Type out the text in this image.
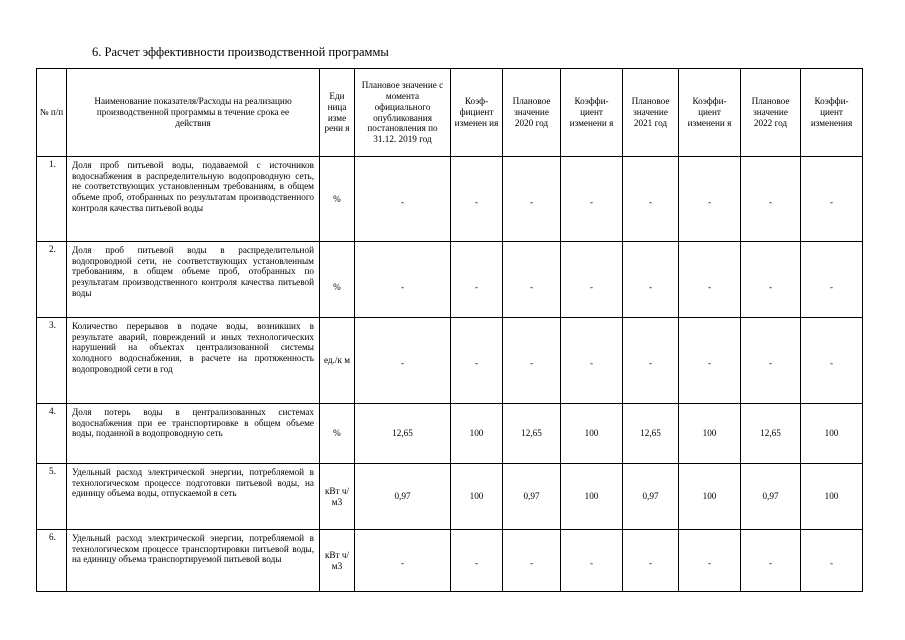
6. Расчет эффективности производственной программы
№ п/п	Наименование показателя/Расходы на реализацию производственной программы в течение срока ее действия	Еди ница изме рени я	Плановое значение с момента официального опубликования постановления по 31.12. 2019 год	Коэф- фициент изменен ия	Плановое значение 2020 год	Коэффи- циент изменени я	Плановое значение 2021 год	Коэффи- циент изменени я	Плановое значение 2022 год	Коэффи- циент изменения
1.	Доля проб питьевой воды, подаваемой с источников водоснабжения в распределительную водопроводную сеть, не соответствующих установленным требованиям, в общем объеме проб, отобранных по результатам производственного контроля качества питьевой воды	%	-	-	-	-	-	-	-	-
2.	Доля проб питьевой воды в распределительной водопроводной сети, не соответствующих установленным требованиям, в общем объеме проб, отобранных по результатам производственного контроля качества питьевой воды	%	-	-	-	-	-	-	-	-
3.	Количество перерывов в подаче воды, возникших в результате аварий, повреждений и иных технологических нарушений на объектах централизованной системы холодного водоснабжения, в расчете на протяженность водопроводной сети в год	ед./к м	-	-	-	-	-	-	-	-
4.	Доля потерь воды в централизованных системах водоснабжения при ее транспортировке в общем объеме воды, поданной в водопроводную сеть	%	12,65	100	12,65	100	12,65	100	12,65	100
5.	Удельный расход электрической энергии, потребляемой в технологическом процессе подготовки питьевой воды, на единицу объема воды, отпускаемой в сеть	кВт ч/м3	0,97	100	0,97	100	0,97	100	0,97	100
6.	Удельный расход электрической энергии, потребляемой в технологическом процессе транспортировки питьевой воды, на единицу объема транспортируемой питьевой воды	кВт ч/м3	-	-	-	-	-	-	-	-
